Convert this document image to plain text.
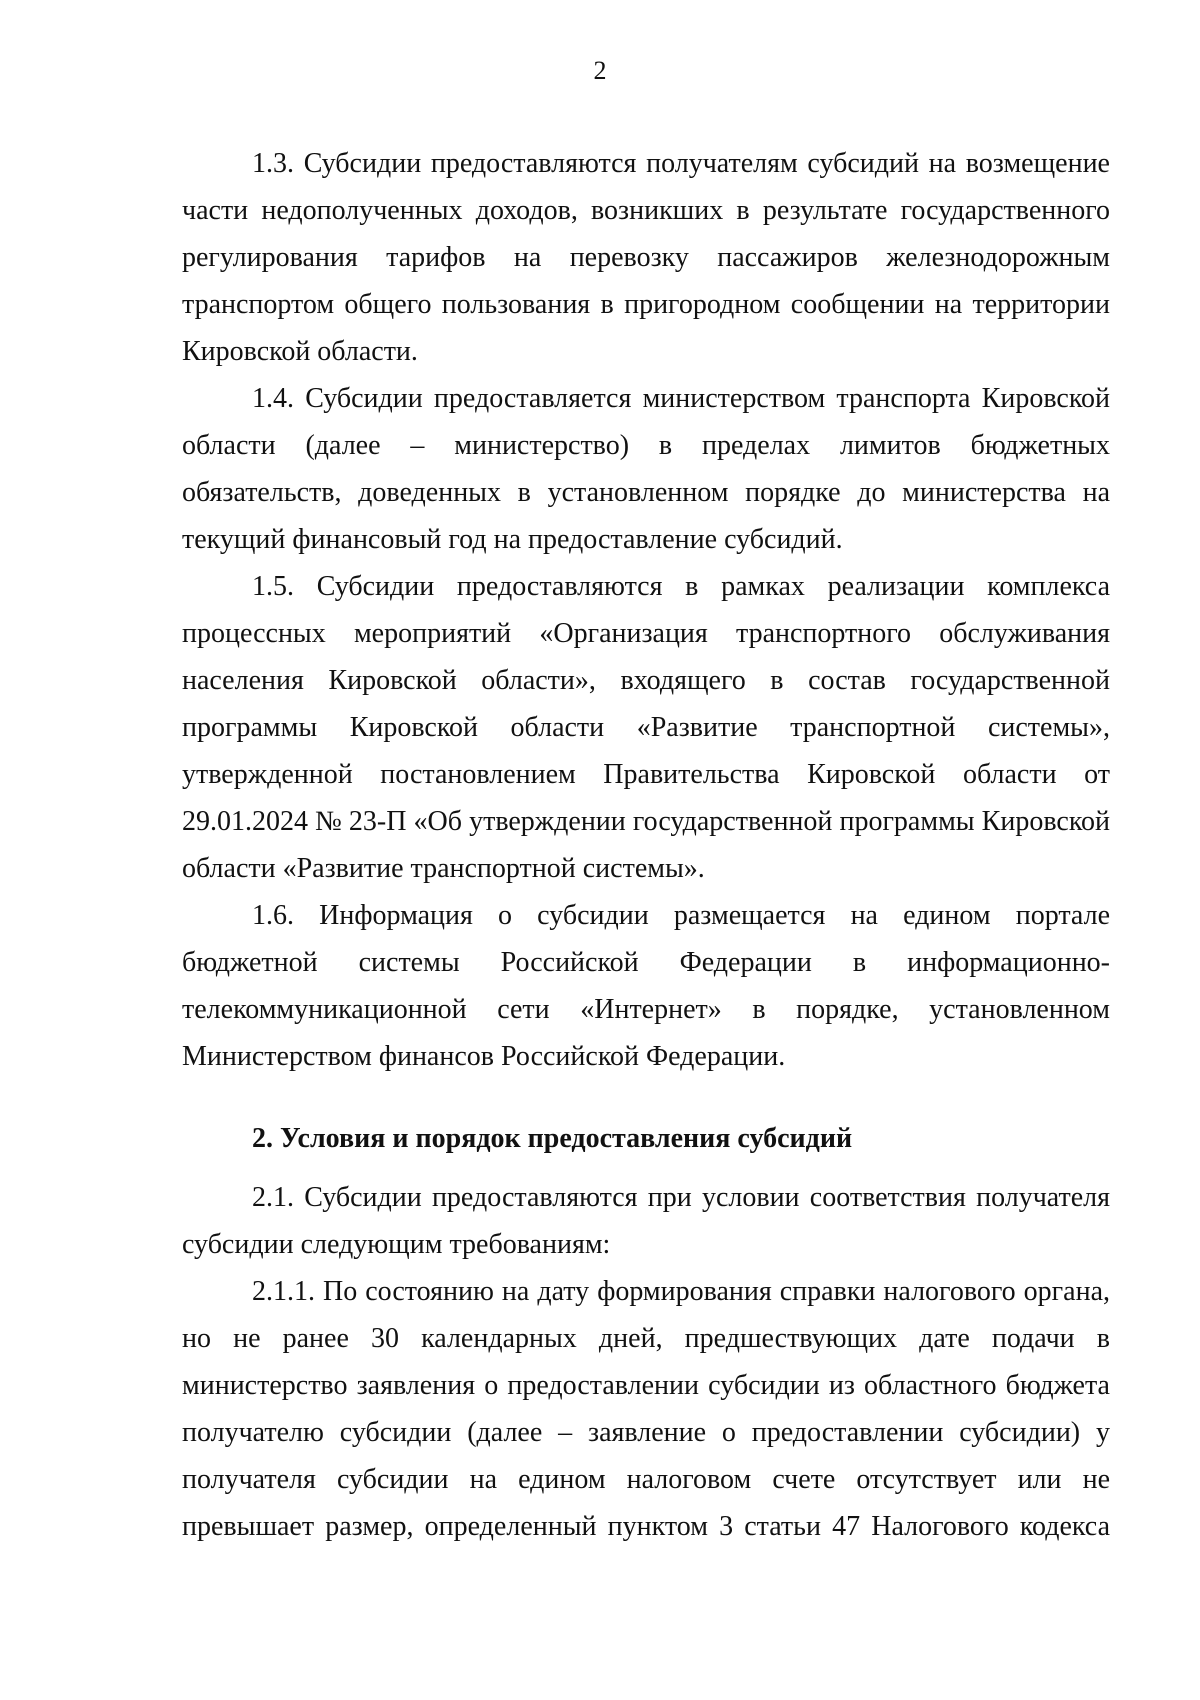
2

1.3. Субсидии предоставляются получателям субсидий на возмещение части недополученных доходов, возникших в результате государственного регулирования тарифов на перевозку пассажиров железнодорожным транспортом общего пользования в пригородном сообщении на территории Кировской области.

1.4. Субсидии предоставляется министерством транспорта Кировской области (далее – министерство) в пределах лимитов бюджетных обязательств, доведенных в установленном порядке до министерства на текущий финансовый год на предоставление субсидий.

1.5. Субсидии предоставляются в рамках реализации комплекса процессных мероприятий «Организация транспортного обслуживания населения Кировской области», входящего в состав государственной программы Кировской области «Развитие транспортной системы», утвержденной постановлением Правительства Кировской области от 29.01.2024 № 23-П «Об утверждении государственной программы Кировской области «Развитие транспортной системы».

1.6. Информация о субсидии размещается на едином портале бюджетной системы Российской Федерации в информационно-телекоммуникационной сети «Интернет» в порядке, установленном Министерством финансов Российской Федерации.

2. Условия и порядок предоставления субсидий

2.1. Субсидии предоставляются при условии соответствия получателя субсидии следующим требованиям:

2.1.1. По состоянию на дату формирования справки налогового органа, но не ранее 30 календарных дней, предшествующих дате подачи в министерство заявления о предоставлении субсидии из областного бюджета получателю субсидии (далее – заявление о предоставлении субсидии) у получателя субсидии на едином налоговом счете отсутствует или не превышает размер, определенный пунктом 3 статьи 47 Налогового кодекса
